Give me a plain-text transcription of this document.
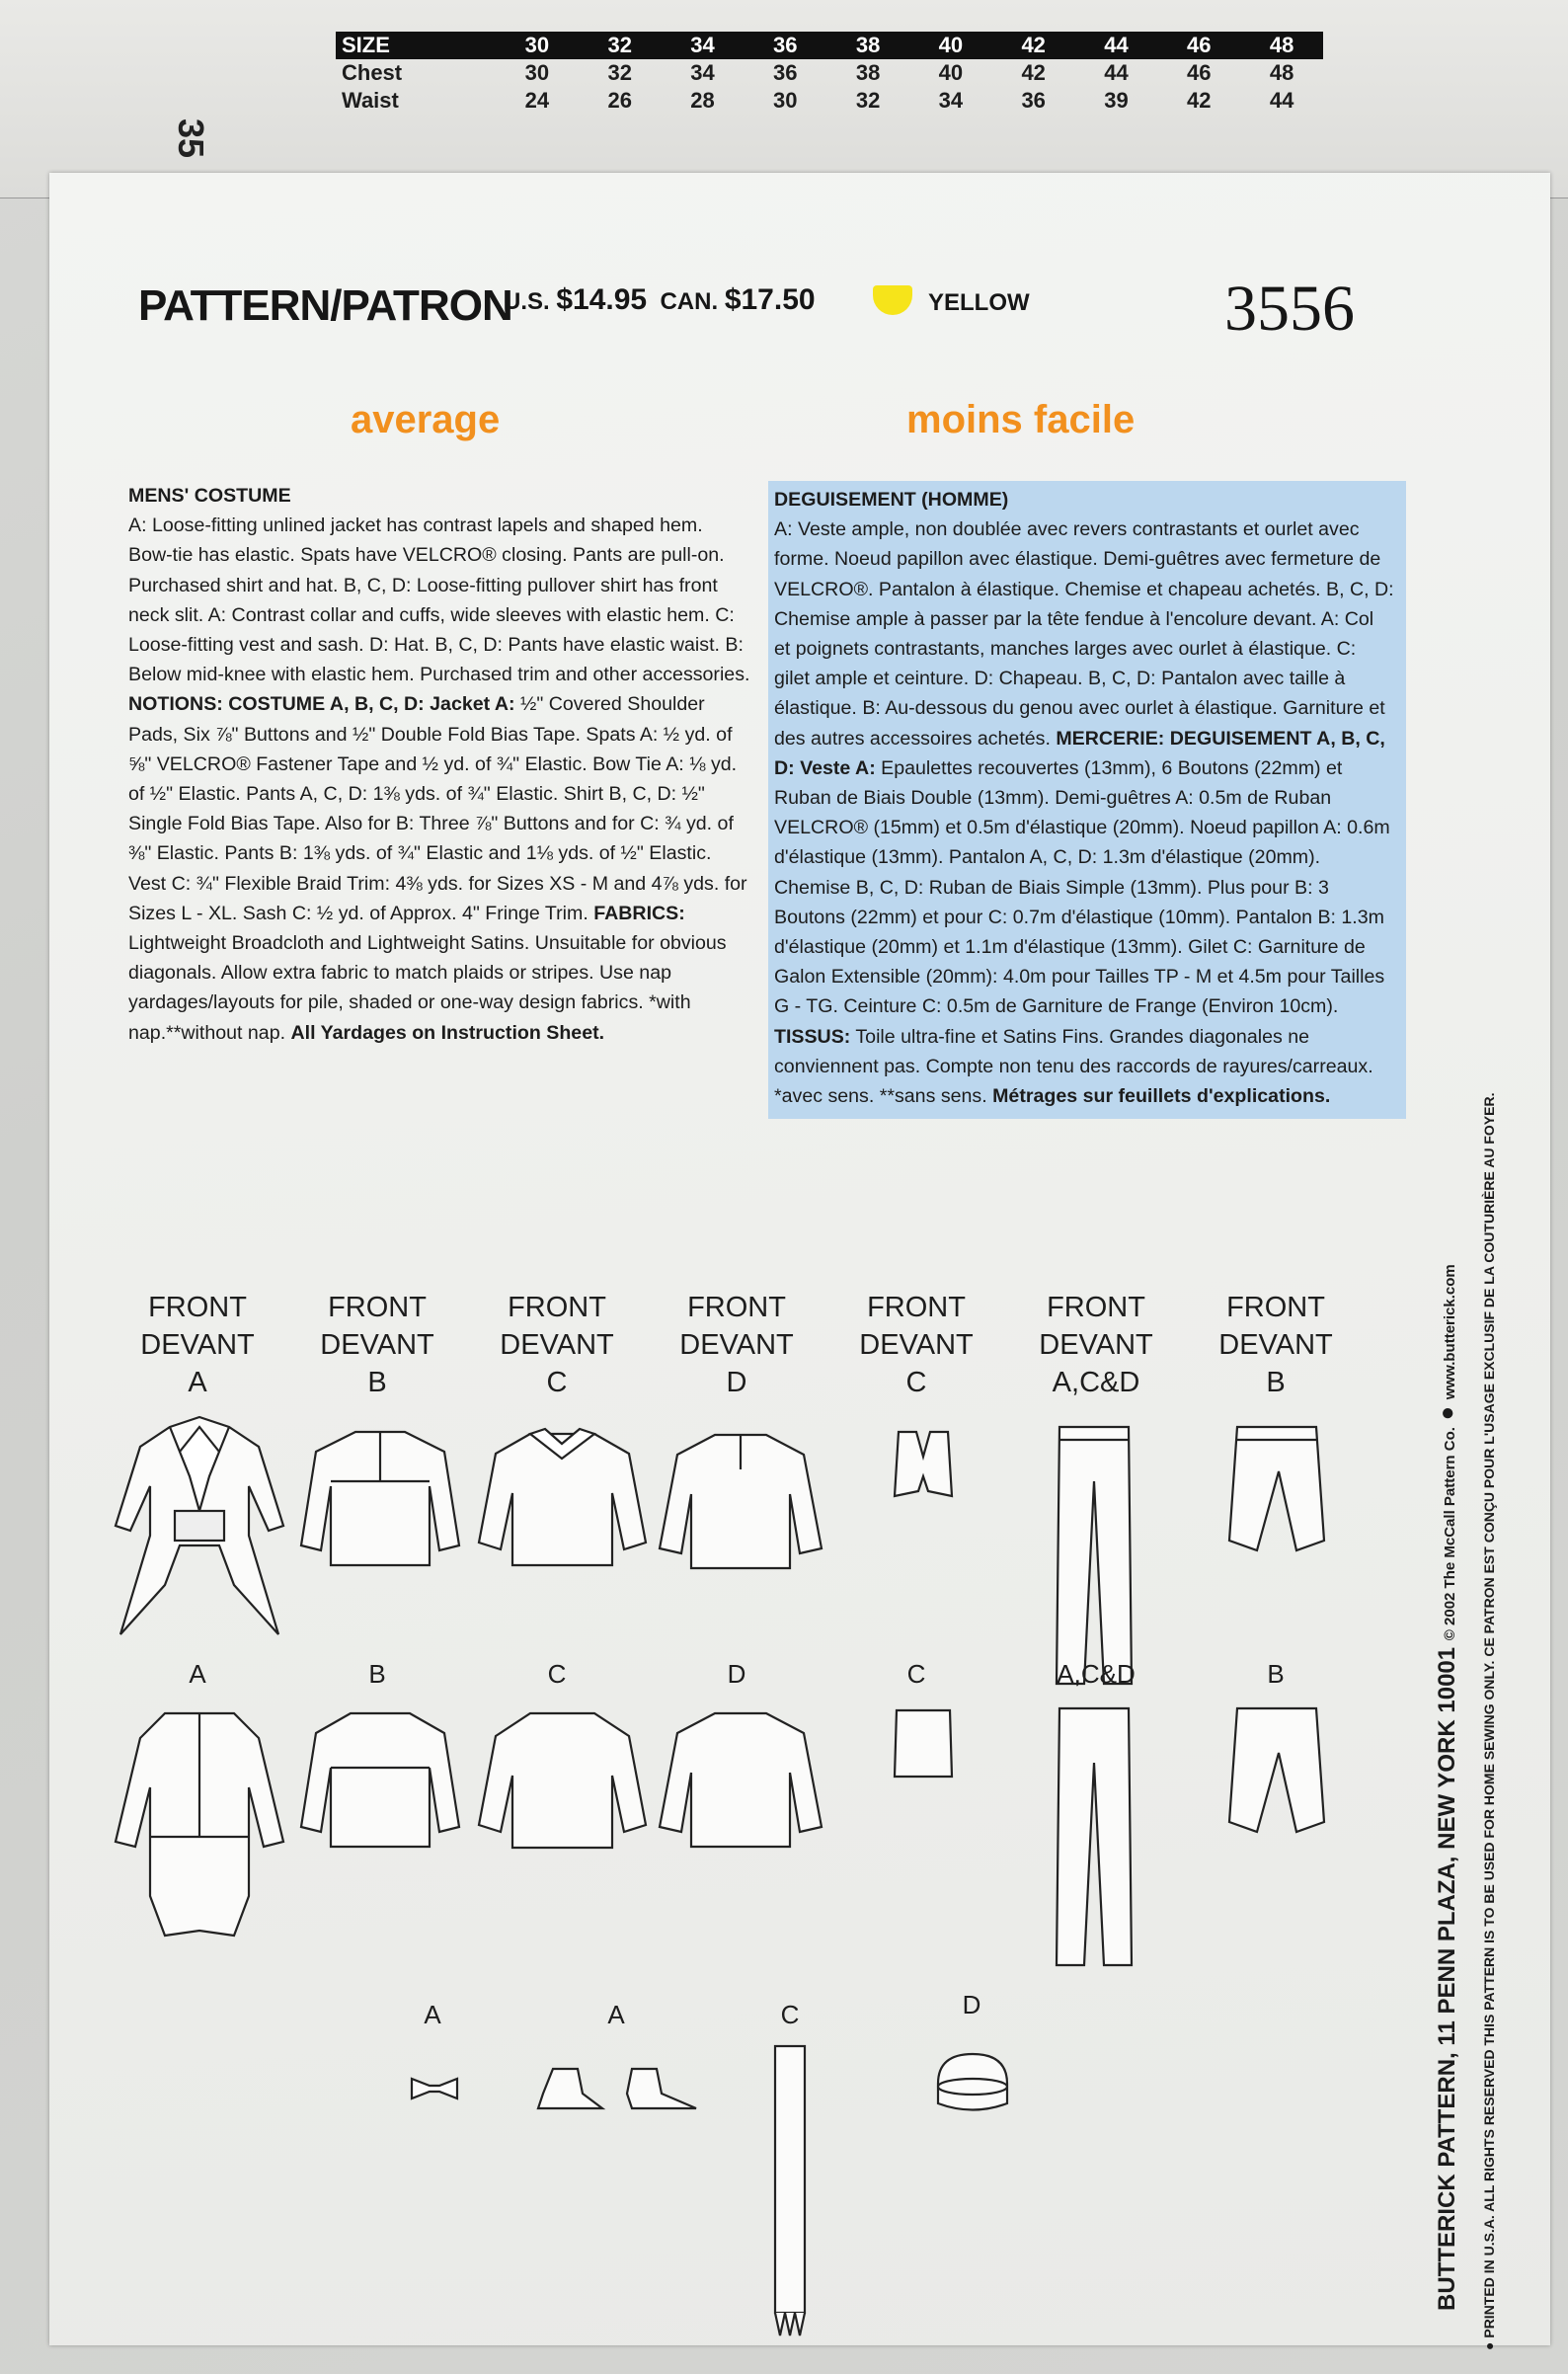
SIZE	30	32	34	36	38	40	42	44	46	48
Chest	30	32	34	36	38	40	42	44	46	48
Waist	24	26	28	30	32	34	36	39	42	44
35
PATTERN/PATRON
U.S. $14.95 CAN. $17.50	YELLOW	3556
average	moins facile
MENS' COSTUME
A: Loose-fitting unlined jacket has contrast lapels and shaped hem. Bow-tie has elastic. Spats have VELCRO® closing. Pants are pull-on. Purchased shirt and hat. B, C, D: Loose-fitting pullover shirt has front neck slit. A: Contrast collar and cuffs, wide sleeves with elastic hem. C: Loose-fitting vest and sash. D: Hat. B, C, D: Pants have elastic waist. B: Below mid-knee with elastic hem. Purchased trim and other accessories. NOTIONS: COSTUME A, B, C, D: Jacket A: ½" Covered Shoulder Pads, Six ⅞" Buttons and ½" Double Fold Bias Tape. Spats A: ½ yd. of ⅝" VELCRO® Fastener Tape and ½ yd. of ¾" Elastic. Bow Tie A: ⅛ yd. of ½" Elastic. Pants A, C, D: 1⅜ yds. of ¾" Elastic. Shirt B, C, D: ½" Single Fold Bias Tape. Also for B: Three ⅞" Buttons and for C: ¾ yd. of ⅜" Elastic. Pants B: 1⅜ yds. of ¾" Elastic and 1⅛ yds. of ½" Elastic. Vest C: ¾" Flexible Braid Trim: 4⅜ yds. for Sizes XS - M and 4⅞ yds. for Sizes L - XL. Sash C: ½ yd. of Approx. 4" Fringe Trim. FABRICS: Lightweight Broadcloth and Lightweight Satins. Unsuitable for obvious diagonals. Allow extra fabric to match plaids or stripes. Use nap yardages/layouts for pile, shaded or one-way design fabrics. *with nap.**without nap. All Yardages on Instruction Sheet.
DEGUISEMENT (HOMME)
A: Veste ample, non doublée avec revers contrastants et ourlet avec forme. Noeud papillon avec élastique. Demi-guêtres avec fermeture de VELCRO®. Pantalon à élastique. Chemise et chapeau achetés. B, C, D: Chemise ample à passer par la tête fendue à l'encolure devant. A: Col et poignets contrastants, manches larges avec ourlet à élastique. C: gilet ample et ceinture. D: Chapeau. B, C, D: Pantalon avec taille à élastique. B: Au-dessous du genou avec ourlet à élastique. Garniture et des autres accessoires achetés. MERCERIE: DEGUISEMENT A, B, C, D: Veste A: Epaulettes recouvertes (13mm), 6 Boutons (22mm) et Ruban de Biais Double (13mm). Demi-guêtres A: 0.5m de Ruban VELCRO® (15mm) et 0.5m d'élastique (20mm). Noeud papillon A: 0.6m d'élastique (13mm). Pantalon A, C, D: 1.3m d'élastique (20mm). Chemise B, C, D: Ruban de Biais Simple (13mm). Plus pour B: 3 Boutons (22mm) et pour C: 0.7m d'élastique (10mm). Pantalon B: 1.3m d'élastique (20mm) et 1.1m d'élastique (13mm). Gilet C: Garniture de Galon Extensible (20mm): 4.0m pour Tailles TP - M et 4.5m pour Tailles G - TG. Ceinture C: 0.5m de Garniture de Frange (Environ 10cm). TISSUS: Toile ultra-fine et Satins Fins. Grandes diagonales ne conviennent pas. Compte non tenu des raccords de rayures/carreaux. *avec sens. **sans sens. Métrages sur feuillets d'explications.
FRONT
DEVANT
A
FRONT
DEVANT
B
FRONT
DEVANT
C
FRONT
DEVANT
D
FRONT
DEVANT
C
FRONT
DEVANT
A,C&D
FRONT
DEVANT
B
A	B	C	D	C	A,C&D	B
A	A	C	D	BUTTERICK PATTERN, 11 PENN PLAZA, NEW YORK 10001 © 2002 The McCall Pattern Co. ● www.butterick.com
● PRINTED IN U.S.A. ALL RIGHTS RESERVED THIS PATTERN IS TO BE USED FOR HOME SEWING ONLY. CE PATRON EST CONÇU POUR L'USAGE EXCLUSIF DE LA COUTURIÈRE AU FOYER.
